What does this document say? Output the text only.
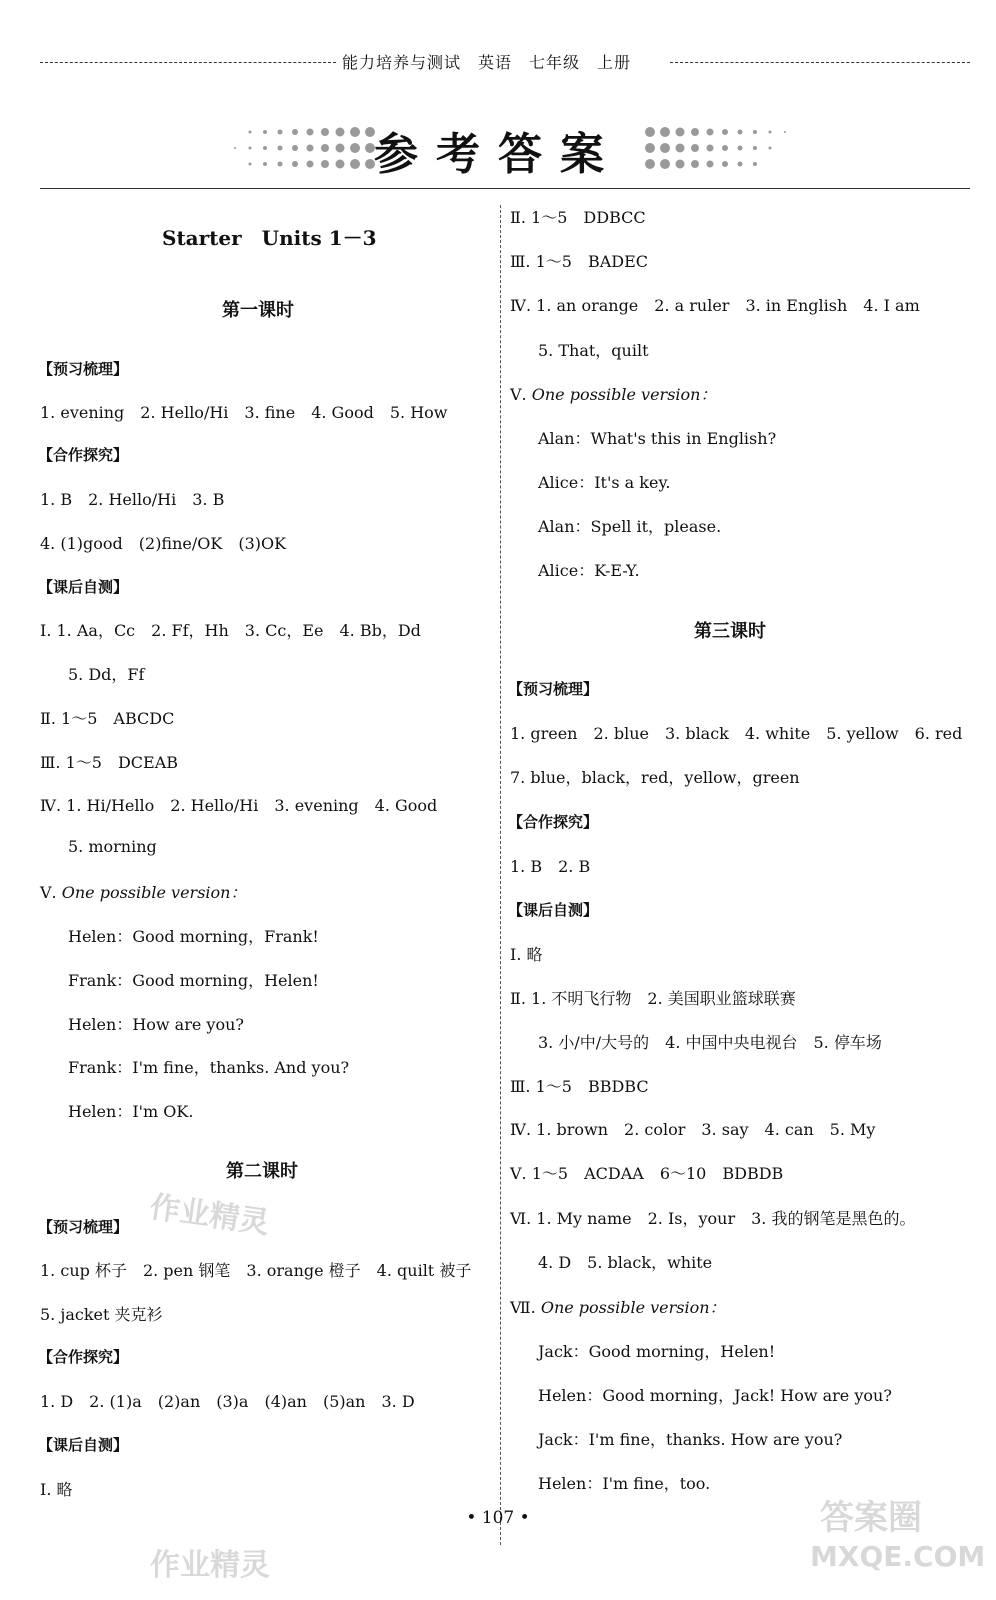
能力培养与测试　英语　七年级　上册
参考答案
Starter　Units 1－3
第一课时
【预习梳理】
1. evening　2. Hello/Hi　3. fine　4. Good　5. How
【合作探究】
1. B　2. Hello/Hi　3. B
4. (1)good　(2)fine/OK　(3)OK
【课后自测】
Ⅰ. 1. Aa，Cc　2. Ff，Hh　3. Cc，Ee　4. Bb，Dd
5. Dd，Ff
Ⅱ. 1～5　ABCDC
Ⅲ. 1～5　DCEAB
Ⅳ. 1. Hi/Hello　2. Hello/Hi　3. evening　4. Good
5. morning
Ⅴ. One possible version：
Helen：Good morning，Frank!
Frank：Good morning，Helen!
Helen：How are you?
Frank：I'm fine，thanks. And you?
Helen：I'm OK.
第二课时
【预习梳理】
1. cup 杯子　2. pen 钢笔　3. orange 橙子　4. quilt 被子
5. jacket 夹克衫
【合作探究】
1. D　2. (1)a　(2)an　(3)a　(4)an　(5)an　3. D
【课后自测】
Ⅰ. 略
Ⅱ. 1～5　DDBCC
Ⅲ. 1～5　BADEC
Ⅳ. 1. an orange　2. a ruler　3. in English　4. I am
5. That，quilt
Ⅴ. One possible version：
Alan：What's this in English?
Alice：It's a key.
Alan：Spell it，please.
Alice：K-E-Y.
第三课时
【预习梳理】
1. green　2. blue　3. black　4. white　5. yellow　6. red
7. blue，black，red，yellow，green
【合作探究】
1. B　2. B
【课后自测】
Ⅰ. 略
Ⅱ. 1. 不明飞行物　2. 美国职业篮球联赛
3. 小/中/大号的　4. 中国中央电视台　5. 停车场
Ⅲ. 1～5　BBDBC
Ⅳ. 1. brown　2. color　3. say　4. can　5. My
Ⅴ. 1～5　ACDAA　6～10　BDBDB
Ⅵ. 1. My name　2. Is，your　3. 我的钢笔是黑色的。
4. D　5. black，white
Ⅶ. One possible version：
Jack：Good morning，Helen!
Helen：Good morning，Jack! How are you?
Jack：I'm fine，thanks. How are you?
Helen：I'm fine，too.
• 107 •
作业精灵
作业精灵
答案圈
MXQE.COM
